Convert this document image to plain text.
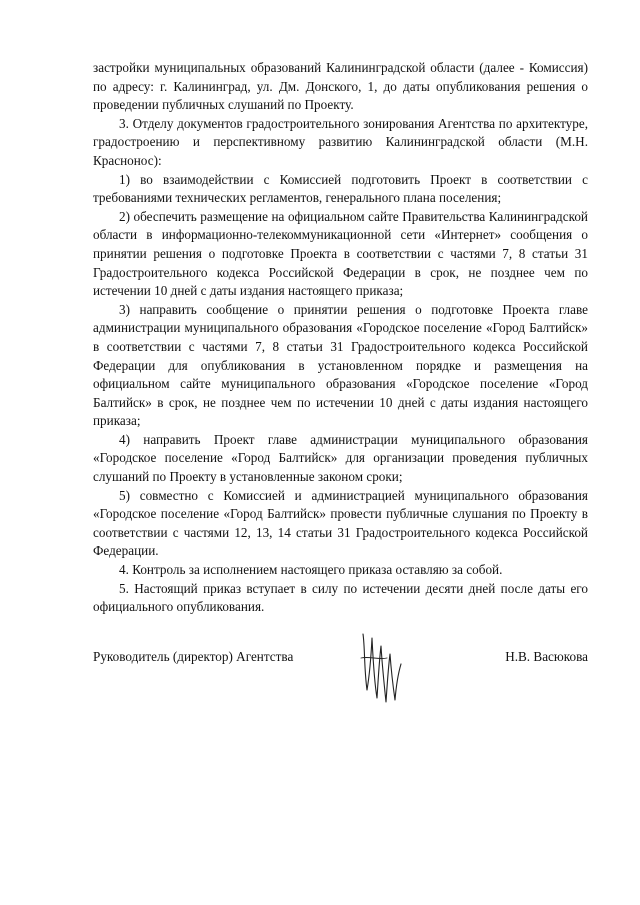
застройки муниципальных образований Калининградской области (далее - Комиссия) по адресу: г. Калининград, ул. Дм. Донского, 1, до даты опубликования решения о проведении публичных слушаний по Проекту.

3. Отделу документов градостроительного зонирования Агентства по архитектуре, градостроению и перспективному развитию Калининградской области (М.Н. Краснонос):

1) во взаимодействии с Комиссией подготовить Проект в соответствии с требованиями технических регламентов, генерального плана поселения;

2) обеспечить размещение на официальном сайте Правительства Калининградской области в информационно-телекоммуникационной сети «Интернет» сообщения о принятии решения о подготовке Проекта в соответствии с частями 7, 8 статьи 31 Градостроительного кодекса Российской Федерации в срок, не позднее чем по истечении 10 дней с даты издания настоящего приказа;

3) направить сообщение о принятии решения о подготовке Проекта главе администрации муниципального образования «Городское поселение «Город Балтийск» в соответствии с частями 7, 8 статьи 31 Градостроительного кодекса Российской Федерации для опубликования в установленном порядке и размещения на официальном сайте муниципального образования «Городское поселение «Город Балтийск» в срок, не позднее чем по истечении 10 дней с даты издания настоящего приказа;

4) направить Проект главе администрации муниципального образования «Городское поселение «Город Балтийск» для организации проведения публичных слушаний по Проекту в установленные законом сроки;

5) совместно с Комиссией и администрацией муниципального образования «Городское поселение «Город Балтийск» провести публичные слушания по Проекту в соответствии с частями 12, 13, 14 статьи 31 Градостроительного кодекса Российской Федерации.

4. Контроль за исполнением настоящего приказа оставляю за собой.

5. Настоящий приказ вступает в силу по истечении десяти дней после даты его официального опубликования.

Руководитель (директор) Агентства	Н.В. Васюкова
